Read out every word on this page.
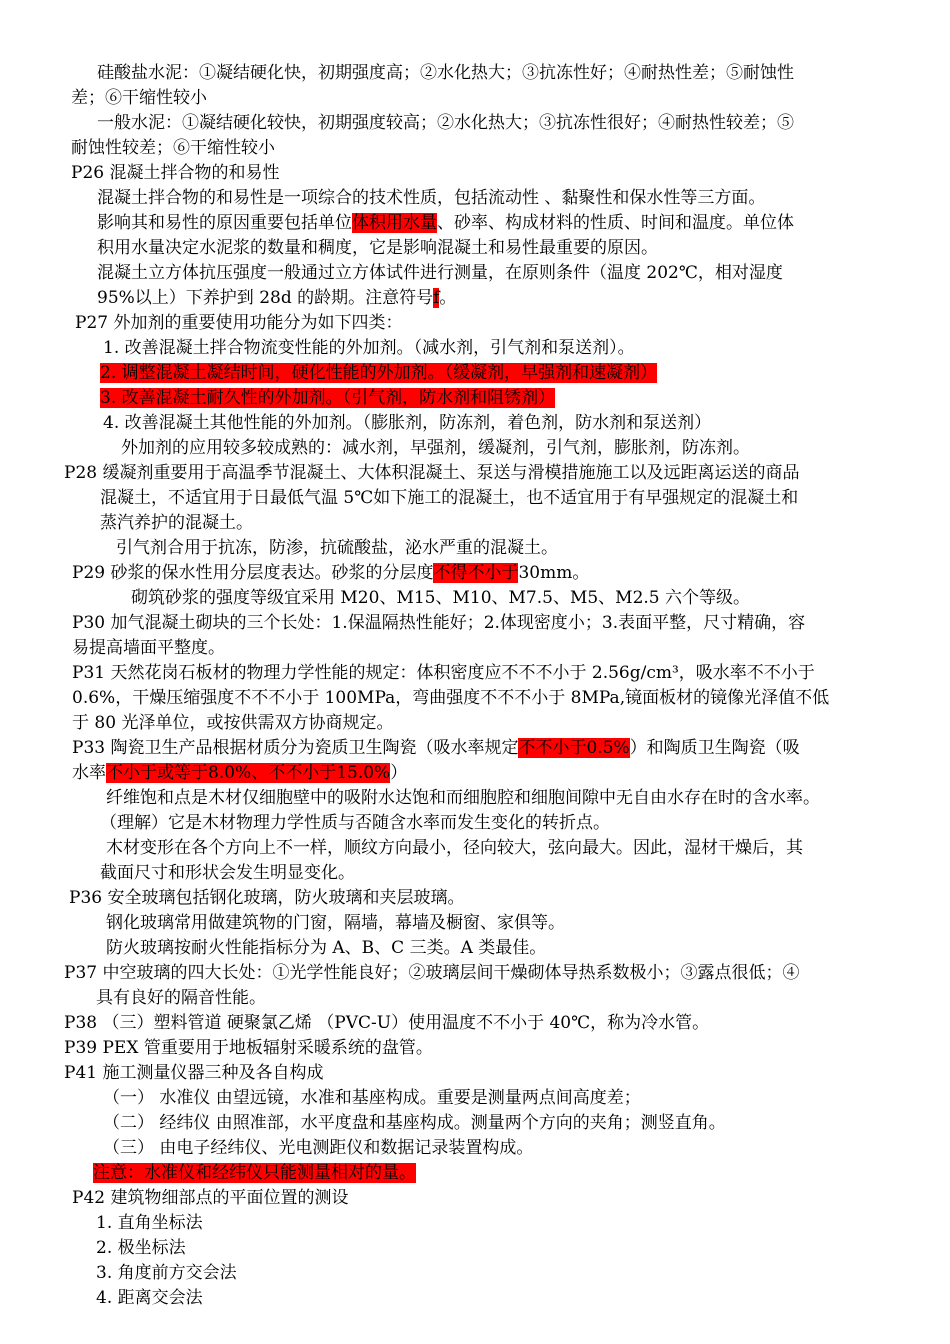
硅酸盐水泥：①凝结硬化快，初期强度高；②水化热大；③抗冻性好；④耐热性差；⑤耐蚀性
差；⑥干缩性较小
一般水泥：①凝结硬化较快，初期强度较高；②水化热大；③抗冻性很好；④耐热性较差；⑤
耐蚀性较差；⑥干缩性较小
P26 混凝土拌合物的和易性
混凝土拌合物的和易性是一项综合的技术性质，包括流动性 、黏聚性和保水性等三方面。
影响其和易性的原因重要包括单位体积用水量、砂率、构成材料的性质、时间和温度。单位体
积用水量决定水泥浆的数量和稠度，它是影响混凝土和易性最重要的原因。
混凝土立方体抗压强度一般通过立方体试件进行测量，在原则条件（温度 202℃，相对湿度
95%以上）下养护到 28d 的龄期。注意符号f。
P27 外加剂的重要使用功能分为如下四类：
1. 改善混凝土拌合物流变性能的外加剂。（减水剂，引气剂和泵送剂）。
2. 调整混凝土凝结时间，硬化性能的外加剂。（缓凝剂，早强剂和速凝剂）
3. 改善混凝土耐久性的外加剂。（引气剂，防水剂和阻锈剂）
4. 改善混凝土其他性能的外加剂。（膨胀剂，防冻剂，着色剂，防水剂和泵送剂）
外加剂的应用较多较成熟的：减水剂，早强剂，缓凝剂，引气剂，膨胀剂，防冻剂。
P28 缓凝剂重要用于高温季节混凝土、大体积混凝土、泵送与滑模措施施工以及远距离运送的商品
混凝土，不适宜用于日最低气温 5℃如下施工的混凝土，也不适宜用于有早强规定的混凝土和
蒸汽养护的混凝土。
引气剂合用于抗冻，防渗，抗硫酸盐，泌水严重的混凝土。
P29 砂浆的保水性用分层度表达。砂浆的分层度不得不小于30mm。
砌筑砂浆的强度等级宜采用 M20、M15、M10、M7.5、M5、M2.5 六个等级。
P30 加气混凝土砌块的三个长处：1.保温隔热性能好；2.体现密度小；3.表面平整，尺寸精确，容
易提高墙面平整度。
P31 天然花岗石板材的物理力学性能的规定：体积密度应不不不小于 2.56g/cm³，吸水率不不小于
0.6%，干燥压缩强度不不不小于 100MPa，弯曲强度不不不小于 8MPa,镜面板材的镜像光泽值不低
于 80 光泽单位，或按供需双方协商规定。
P33 陶瓷卫生产品根据材质分为瓷质卫生陶瓷（吸水率规定不不小于0.5%）和陶质卫生陶瓷（吸
水率不小于或等于8.0%、不不小于15.0%）
纤维饱和点是木材仅细胞壁中的吸附水达饱和而细胞腔和细胞间隙中无自由水存在时的含水率。
（理解）它是木材物理力学性质与否随含水率而发生变化的转折点。
木材变形在各个方向上不一样，顺纹方向最小，径向较大，弦向最大。因此，湿材干燥后，其
截面尺寸和形状会发生明显变化。
P36 安全玻璃包括钢化玻璃，防火玻璃和夹层玻璃。
钢化玻璃常用做建筑物的门窗，隔墙，幕墙及橱窗、家俱等。
防火玻璃按耐火性能指标分为 A、B、C 三类。A 类最佳。
P37 中空玻璃的四大长处：①光学性能良好；②玻璃层间干燥砌体导热系数极小；③露点很低；④
具有良好的隔音性能。
P38 （三）塑料管道 硬聚氯乙烯 （PVC-U）使用温度不不小于 40℃，称为冷水管。
P39 PEX 管重要用于地板辐射采暖系统的盘管。
P41 施工测量仪器三种及各自构成
（一） 水准仪 由望远镜，水准和基座构成。重要是测量两点间高度差；
（二） 经纬仪 由照准部，水平度盘和基座构成。测量两个方向的夹角；测竖直角。
（三） 由电子经纬仪、光电测距仪和数据记录装置构成。
注意：水准仪和经纬仪只能测量相对的量。
P42 建筑物细部点的平面位置的测设
1. 直角坐标法
2. 极坐标法
3. 角度前方交会法
4. 距离交会法
